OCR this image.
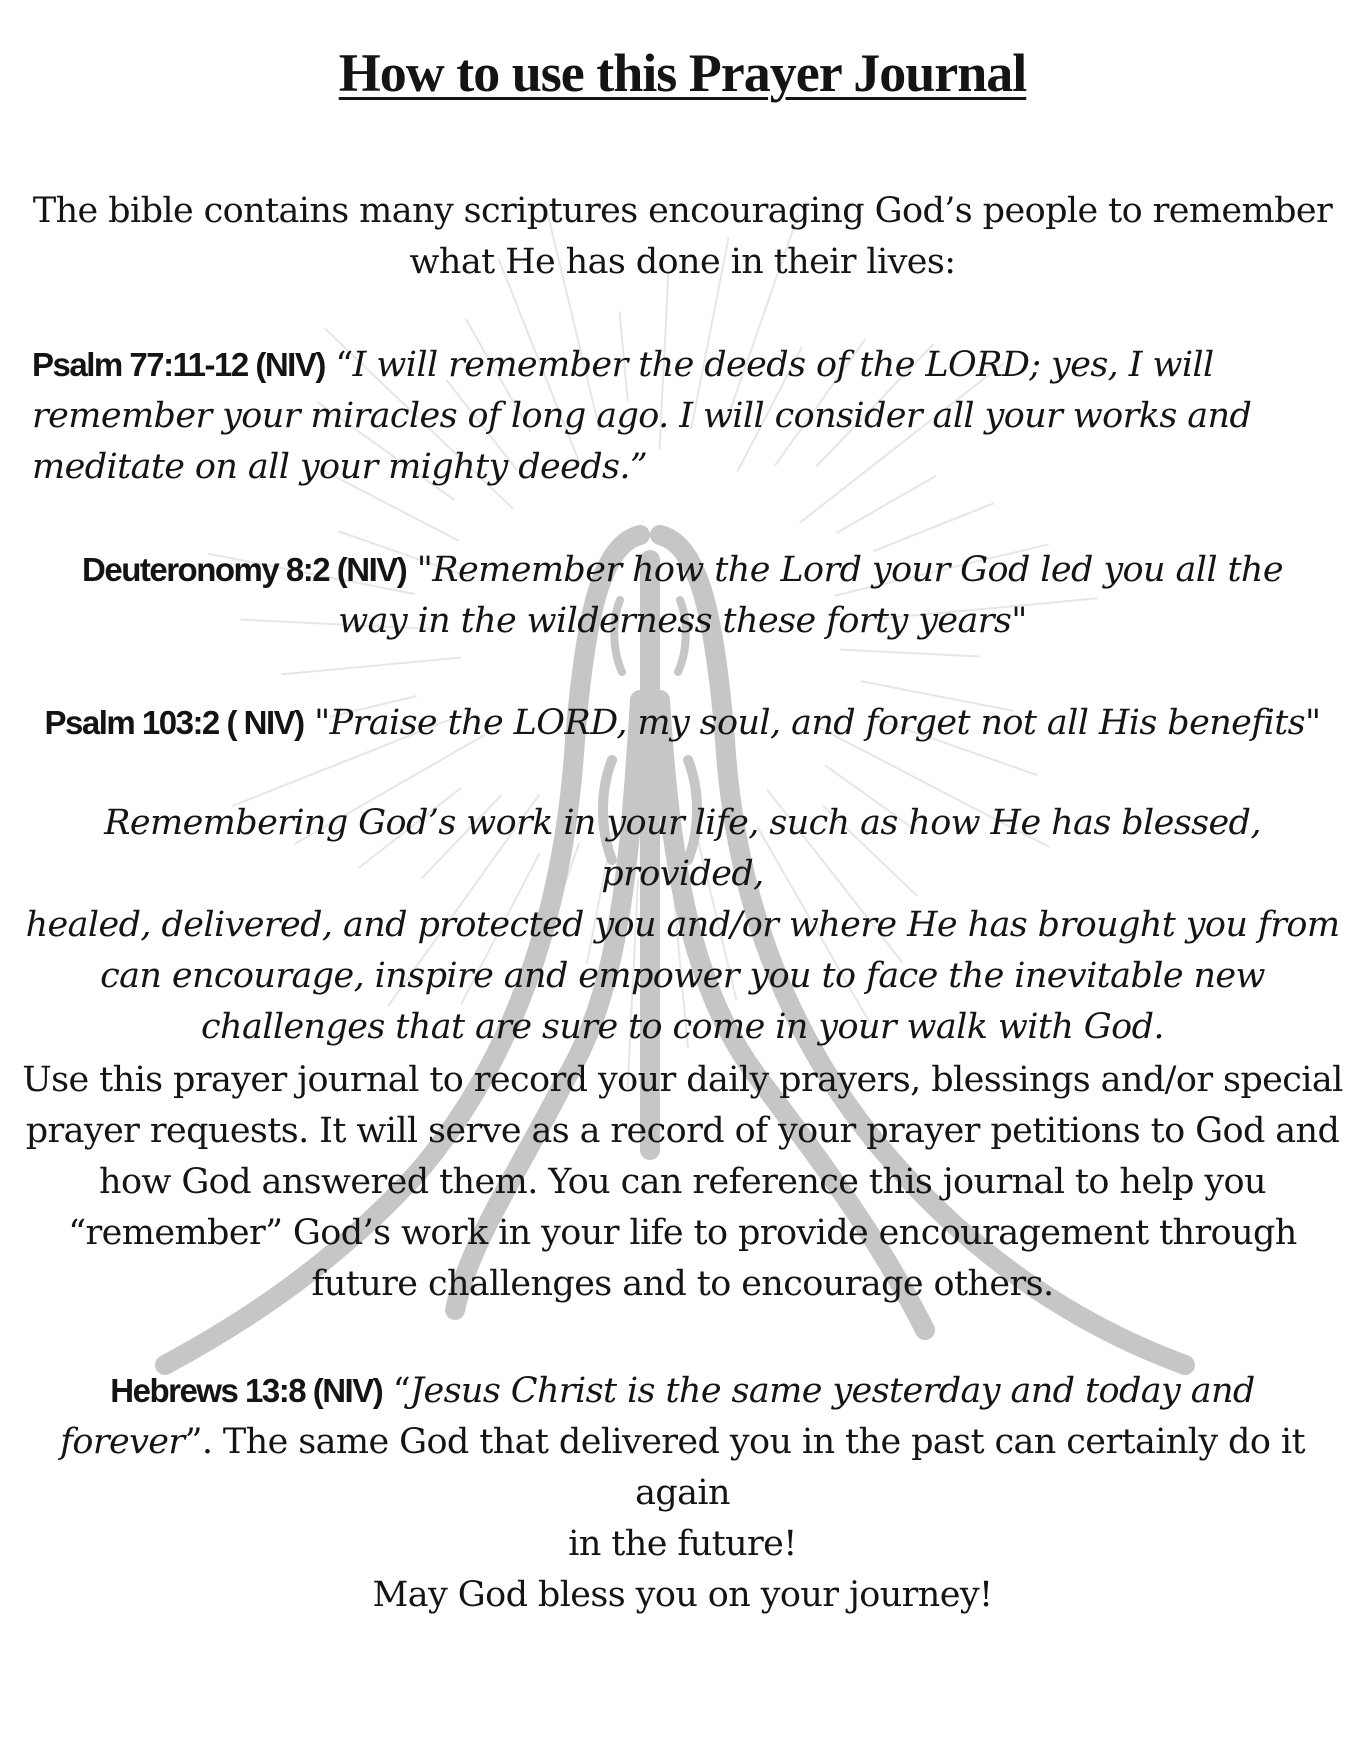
How to use this Prayer Journal

The bible contains many scriptures encouraging God’s people to remember
what He has done in their lives:

Psalm 77:11-12 (NIV) “I will remember the deeds of the LORD; yes, I will
remember your miracles of long ago. I will consider all your works and
meditate on all your mighty deeds.”

Deuteronomy 8:2 (NIV) "Remember how the Lord your God led you all the
way in the wilderness these forty years"

Psalm 103:2 ( NIV) "Praise the LORD, my soul, and forget not all His benefits"

Remembering God’s work in your life, such as how He has blessed, provided,
healed, delivered, and protected you and/or where He has brought you from
can encourage, inspire and empower you to face the inevitable new
challenges that are sure to come in your walk with God.

Use this prayer journal to record your daily prayers, blessings and/or special
prayer requests. It will serve as a record of your prayer petitions to God and
how God answered them. You can reference this journal to help you
“remember” God’s work in your life to provide encouragement through
future challenges and to encourage others.

Hebrews 13:8 (NIV) “Jesus Christ is the same yesterday and today and
forever”. The same God that delivered you in the past can certainly do it again
in the future!

May God bless you on your journey!
